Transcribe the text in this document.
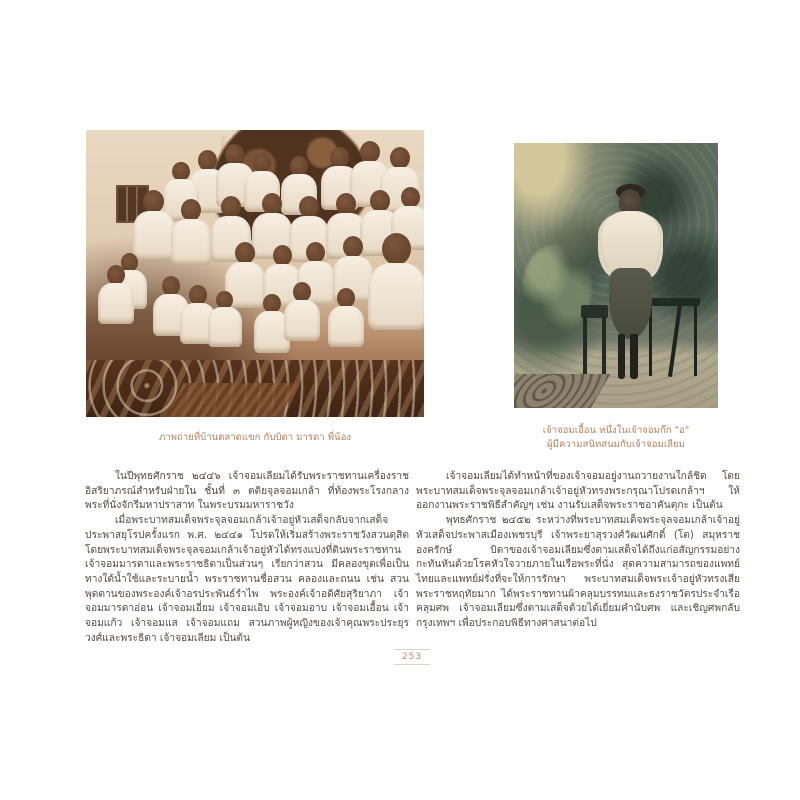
ภาพถ่ายที่บ้านตลาดแขก กับบิดา มารดา พี่น้อง
เจ้าจอมเอื้อน หนึ่งในเจ้าจอมก๊ก "อ"
ผู้มีความสนิทสนมกับเจ้าจอมเลียม

ในปีพุทธศักราช ๒๔๔๖ เจ้าจอมเลียมได้รับพระราชทานเครื่องราชอิสริยาภรณ์สำหรับฝ่ายใน ชั้นที่ ๓ ตติยจุลจอมเกล้า ที่ท้องพระโรงกลางพระที่นั่งจักรีมหาปราสาท ในพระบรมมหาราชวัง

เมื่อพระบาทสมเด็จพระจุลจอมเกล้าเจ้าอยู่หัวเสด็จกลับจากเสด็จประพาสยุโรปครั้งแรก พ.ศ. ๒๔๔๑ โปรดให้เริ่มสร้างพระราชวังสวนดุสิต โดยพระบาทสมเด็จพระจุลจอมเกล้าเจ้าอยู่หัวได้ทรงแบ่งที่ดินพระราชทานเจ้าจอมมารดาและพระราชธิดาเป็นส่วนๆ เรียกว่าสวน มีคลองขุดเพื่อเป็นทางใต้น้ำใช้และระบายน้ำ พระราชทานชื่อสวน คลองและถนน เช่น สวนพุดตานของพระองค์เจ้าอรประพันธ์รำไพ พระองค์เจ้าอดิศัยสุริยาภา เจ้าจอมมารดาอ่อน เจ้าจอมเอี่ยม เจ้าจอมเอิบ เจ้าจอมอาบ เจ้าจอมเอื้อน เจ้าจอมแก้ว เจ้าจอมแส เจ้าจอมแถม สวนภาพผู้หญิงของเจ้าคุณพระประยุรวงศ์และพระธิดา เจ้าจอมเลียม เป็นต้น

เจ้าจอมเลียมได้ทำหน้าที่ของเจ้าจอมอยู่งานถวายงานใกล้ชิด โดยพระบาทสมเด็จพระจุลจอมเกล้าเจ้าอยู่หัวทรงพระกรุณาโปรดเกล้าฯ ให้ออกงานพระราชพิธีสำคัญๆ เช่น งานรับเสด็จพระราชอาคันตุกะ เป็นต้น

พุทธศักราช ๒๔๕๒ ระหว่างที่พระบาทสมเด็จพระจุลจอมเกล้าเจ้าอยู่หัวเสด็จประพาสเมืองเพชรบุรี เจ้าพระยาสุรวงศ์วัฒนศักดิ์ (โต) สมุหราชองครักษ์ บิดาของเจ้าจอมเลียมซึ่งตามเสด็จได้ถึงแก่อสัญกรรมอย่างกะทันหันด้วยโรคหัวใจวายภายในเรือพระที่นั่ง สุดความสามารถของแพทย์ไทยและแพทย์ฝรั่งที่จะให้การรักษา พระบาทสมเด็จพระเจ้าอยู่หัวทรงเสียพระราชหฤทัยมาก ได้พระราชทานผ้าคลุมบรรทมและธงราชวัตรประจำเรือคลุมศพ เจ้าจอมเลียมซึ่งตามเสด็จด้วยได้เยี่ยมคำนับศพ และเชิญศพกลับกรุงเทพฯ เพื่อประกอบพิธีทางศาสนาต่อไป

253
